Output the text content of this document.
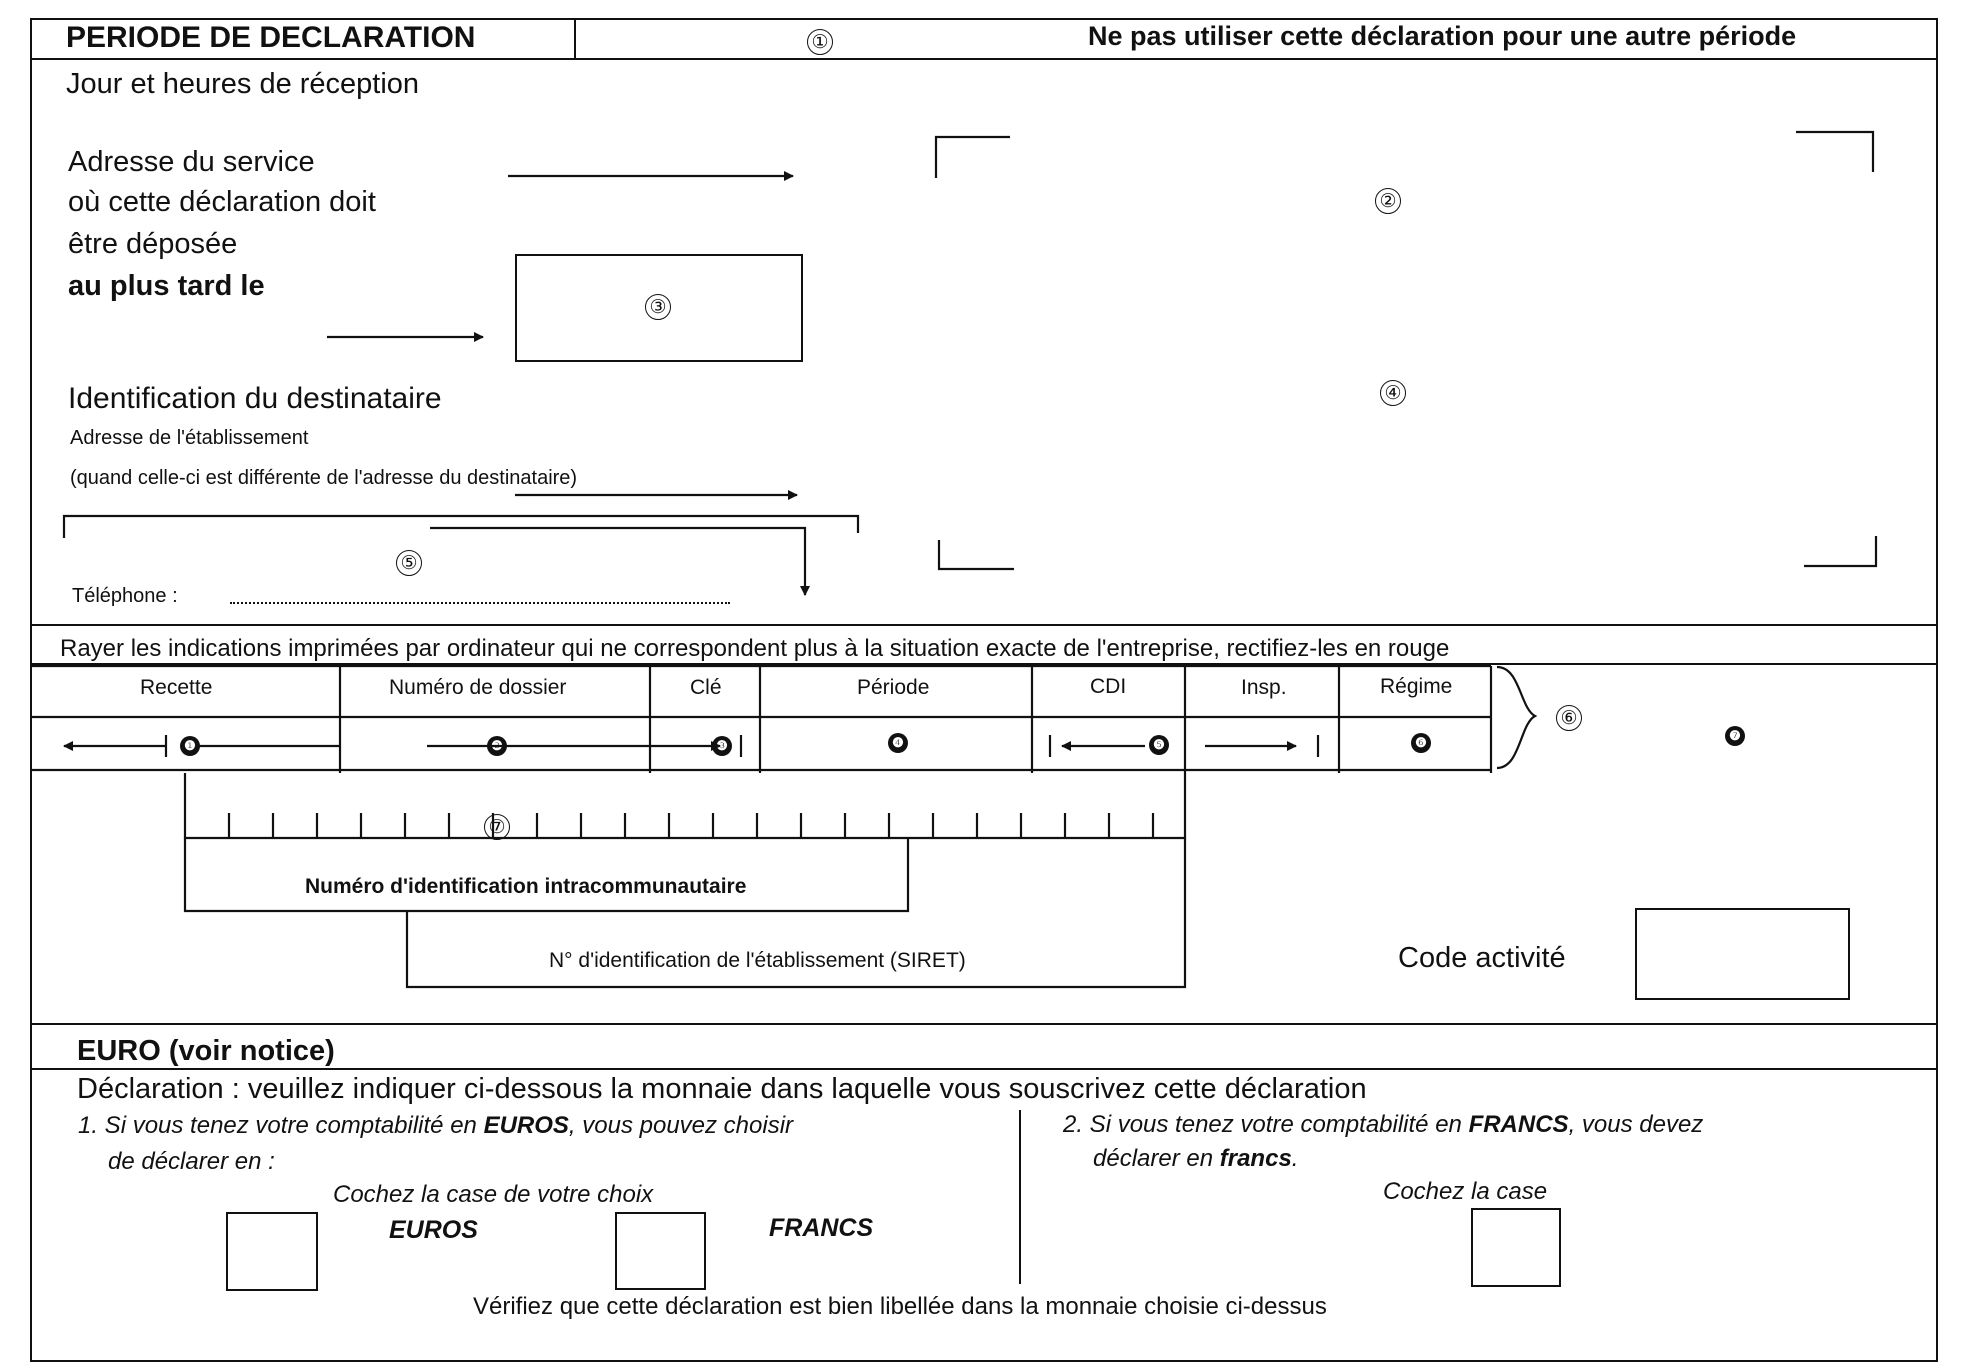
PERIODE DE DECLARATION	①	Ne pas utiliser cette déclaration pour une autre période
Jour et heures de réception
Adresse du service
où cette déclaration doit
être déposée
au plus tard le
③
②
④
Identification du destinataire
Adresse de l'établissement
(quand celle-ci est différente de l'adresse du destinataire)
⑤
Téléphone :
Rayer les indications imprimées par ordinateur qui ne correspondent plus à la situation exacte de l'entreprise, rectifiez-les en rouge
Recette	Numéro de dossier	Clé	Période	CDI	Insp.	Régime
❶	❷	❸	❹	❺	❻	❼
⑥
⑦
Numéro d'identification intracommunautaire
N° d'identification de l'établissement (SIRET)	Code activité
EURO (voir notice)
Déclaration : veuillez indiquer ci-dessous la monnaie dans laquelle vous souscrivez cette déclaration
1. Si vous tenez votre comptabilité en EUROS, vous pouvez choisir
de déclarer en :
Cochez la case de votre choix
EUROS	FRANCS
2. Si vous tenez votre comptabilité en FRANCS, vous devez
déclarer en francs.
Cochez la case
Vérifiez que cette déclaration est bien libellée dans la monnaie choisie ci-dessus
